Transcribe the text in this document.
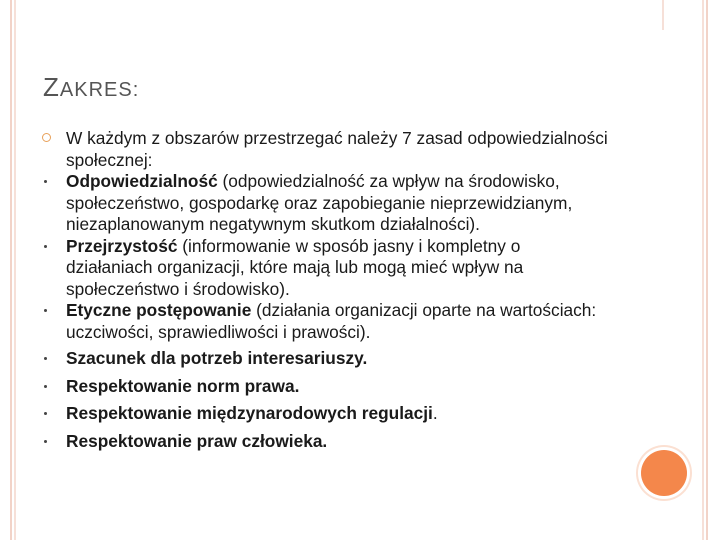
ZAKRES:
W każdym z obszarów przestrzegać należy 7 zasad odpowiedzialności społecznej:
Odpowiedzialność (odpowiedzialność za wpływ na środowisko, społeczeństwo, gospodarkę oraz zapobieganie nieprzewidzianym, niezaplanowanym negatywnym skutkom działalności).
Przejrzystość (informowanie w sposób jasny i kompletny o działaniach organizacji, które mają lub mogą mieć wpływ na społeczeństwo i środowisko).
Etyczne postępowanie (działania organizacji oparte na wartościach: uczciwości, sprawiedliwości i prawości).
Szacunek dla potrzeb interesariuszy.
Respektowanie norm prawa.
Respektowanie międzynarodowych regulacji.
Respektowanie praw człowieka.
